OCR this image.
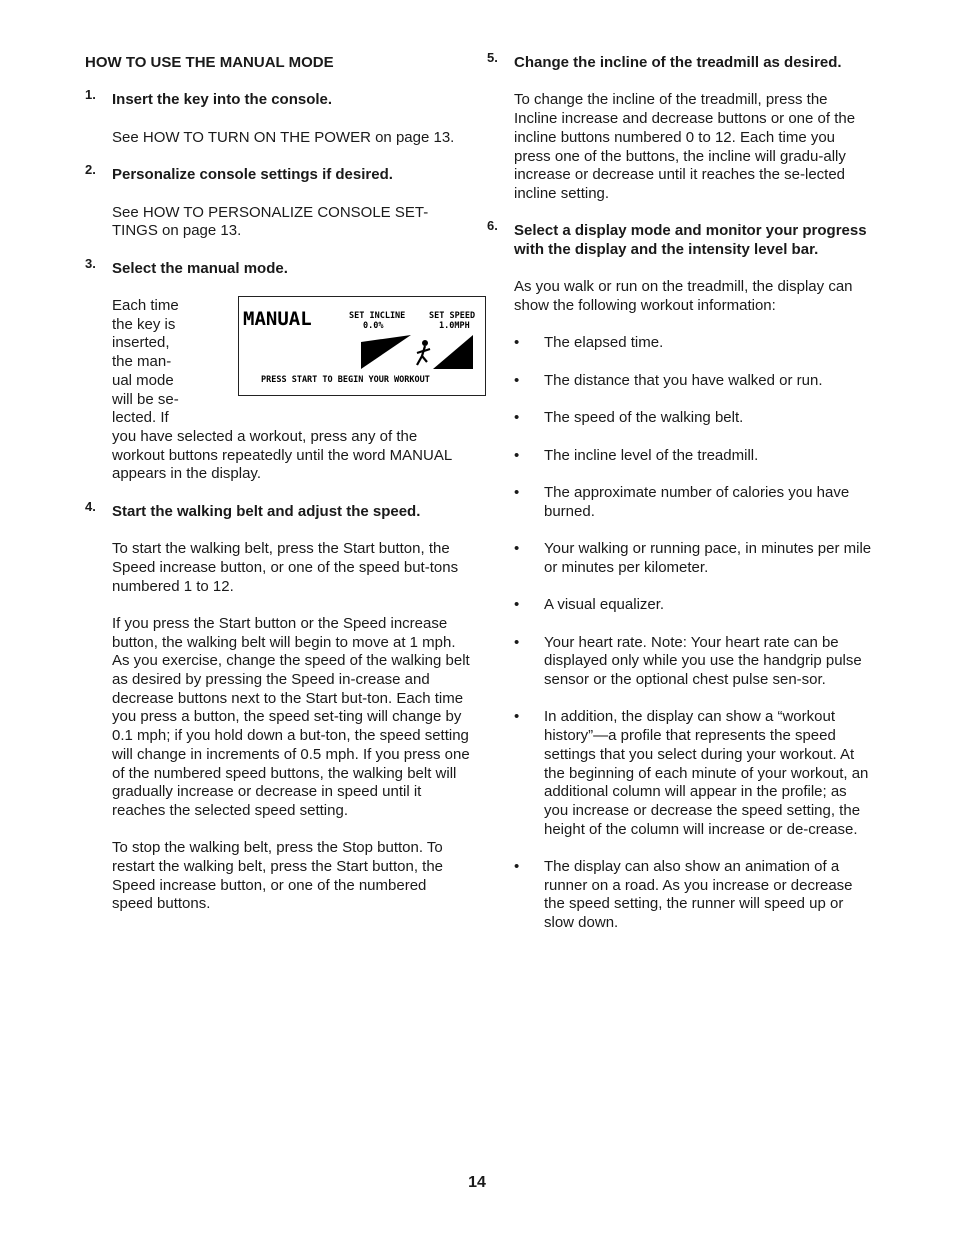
HOW TO USE THE MANUAL MODE

1. Insert the key into the console.

See HOW TO TURN ON THE POWER on page 13.

2. Personalize console settings if desired.

See HOW TO PERSONALIZE CONSOLE SET-TINGS on page 13.

3. Select the manual mode.

Each time
the key is
inserted,
the man-
ual mode
will be se-
lected. If
MANUAL	SET INCLINE
0.0%
SET SPEED
1.0MPH
PRESS START TO BEGIN YOUR WORKOUT

you have selected a workout, press any of the workout buttons repeatedly until the word MANUAL appears in the display.

4. Start the walking belt and adjust the speed.

To start the walking belt, press the Start button, the Speed increase button, or one of the speed but-tons numbered 1 to 12.

If you press the Start button or the Speed increase button, the walking belt will begin to move at 1 mph. As you exercise, change the speed of the walking belt as desired by pressing the Speed in-crease and decrease buttons next to the Start but-ton. Each time you press a button, the speed set-ting will change by 0.1 mph; if you hold down a but-ton, the speed setting will change in increments of 0.5 mph. If you press one of the numbered speed buttons, the walking belt will gradually increase or decrease in speed until it reaches the selected speed setting.

To stop the walking belt, press the Stop button. To restart the walking belt, press the Start button, the Speed increase button, or one of the numbered speed buttons.

5. Change the incline of the treadmill as desired.

To change the incline of the treadmill, press the Incline increase and decrease buttons or one of the incline buttons numbered 0 to 12. Each time you press one of the buttons, the incline will gradu-ally increase or decrease until it reaches the se-lected incline setting.

6. Select a display mode and monitor your progress with the display and the intensity level bar.

As you walk or run on the treadmill, the display can show the following workout information:

• The elapsed time.
• The distance that you have walked or run.
• The speed of the walking belt.
• The incline level of the treadmill.
• The approximate number of calories you have burned.
• Your walking or running pace, in minutes per mile or minutes per kilometer.
• A visual equalizer.
• Your heart rate. Note: Your heart rate can be displayed only while you use the handgrip pulse sensor or the optional chest pulse sen-sor.
• In addition, the display can show a “workout history”—a profile that represents the speed settings that you select during your workout. At the beginning of each minute of your workout, an additional column will appear in the profile; as you increase or decrease the speed setting, the height of the column will increase or de-crease.
• The display can also show an animation of a runner on a road. As you increase or decrease the speed setting, the runner will speed up or slow down.
14
